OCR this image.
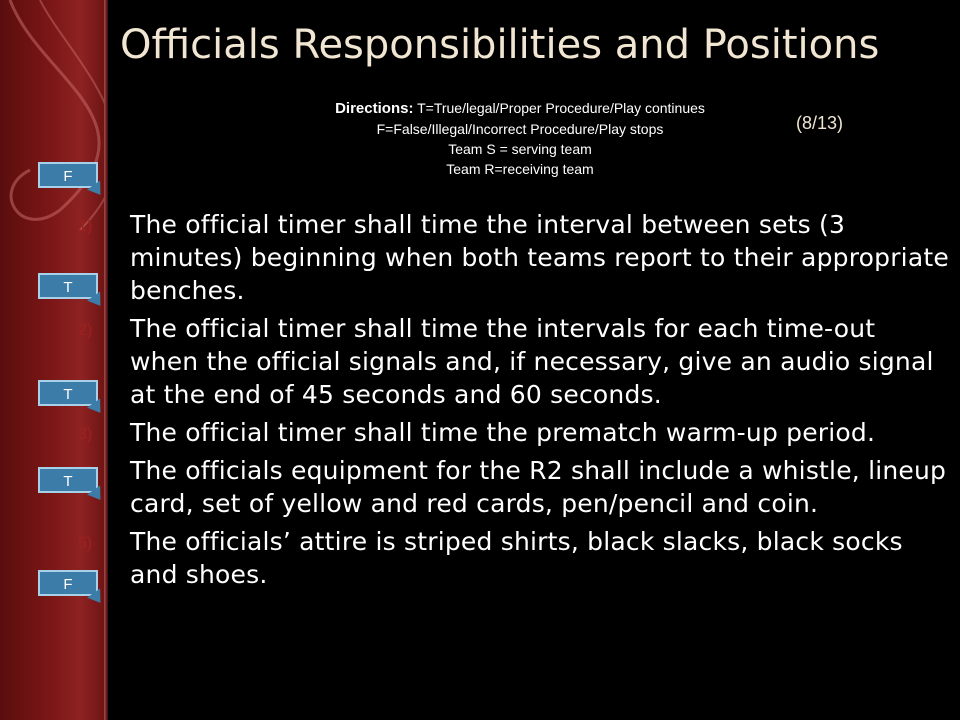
Officials Responsibilities and Positions
Directions: T=True/legal/Proper Procedure/Play continues
F=False/Illegal/Incorrect Procedure/Play stops
Team S = serving team
Team R=receiving team
(8/13)
1) The official timer shall time the interval between sets (3 minutes) beginning when both teams report to their appropriate benches.
2) The official timer shall time the intervals for each time-out when the official signals and, if necessary, give an audio signal at the end of 45 seconds and 60 seconds.
3) The official timer shall time the prematch warm-up period.
The officials equipment for the R2 shall include a whistle, lineup card, set of yellow and red cards, pen/pencil and coin.
5) The officials’ attire is striped shirts, black slacks, black socks and shoes.
F
T
T
T
F
